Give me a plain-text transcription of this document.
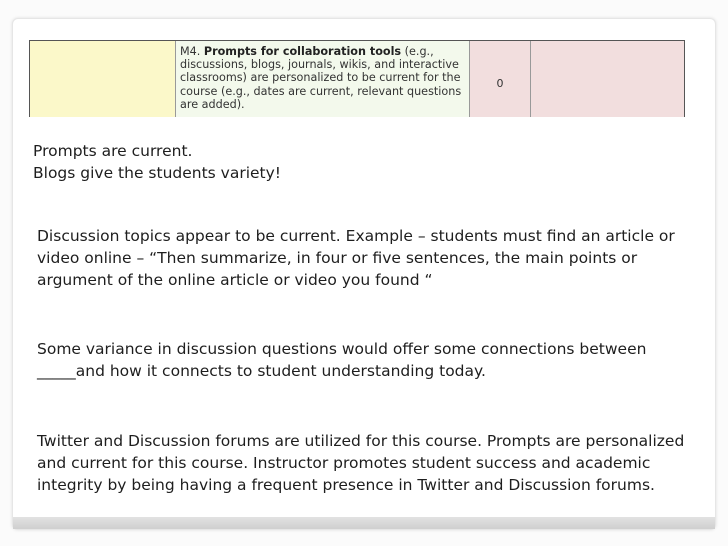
M4. Prompts for collaboration tools (e.g., discussions, blogs, journals, wikis, and interactive classrooms) are personalized to be current for the course (e.g., dates are current, relevant questions are added).
0
Prompts are current.
Blogs give the students variety!
Discussion topics appear to be current. Example – students must find an article or video online – “Then summarize, in four or five sentences, the main points or argument of the online article or video you found “
Some variance in discussion questions would offer some connections between _____and how it connects to student understanding today.
Twitter and Discussion forums are utilized for this course. Prompts are personalized and current for this course. Instructor promotes student success and academic integrity by being having a frequent presence in Twitter and Discussion forums.
